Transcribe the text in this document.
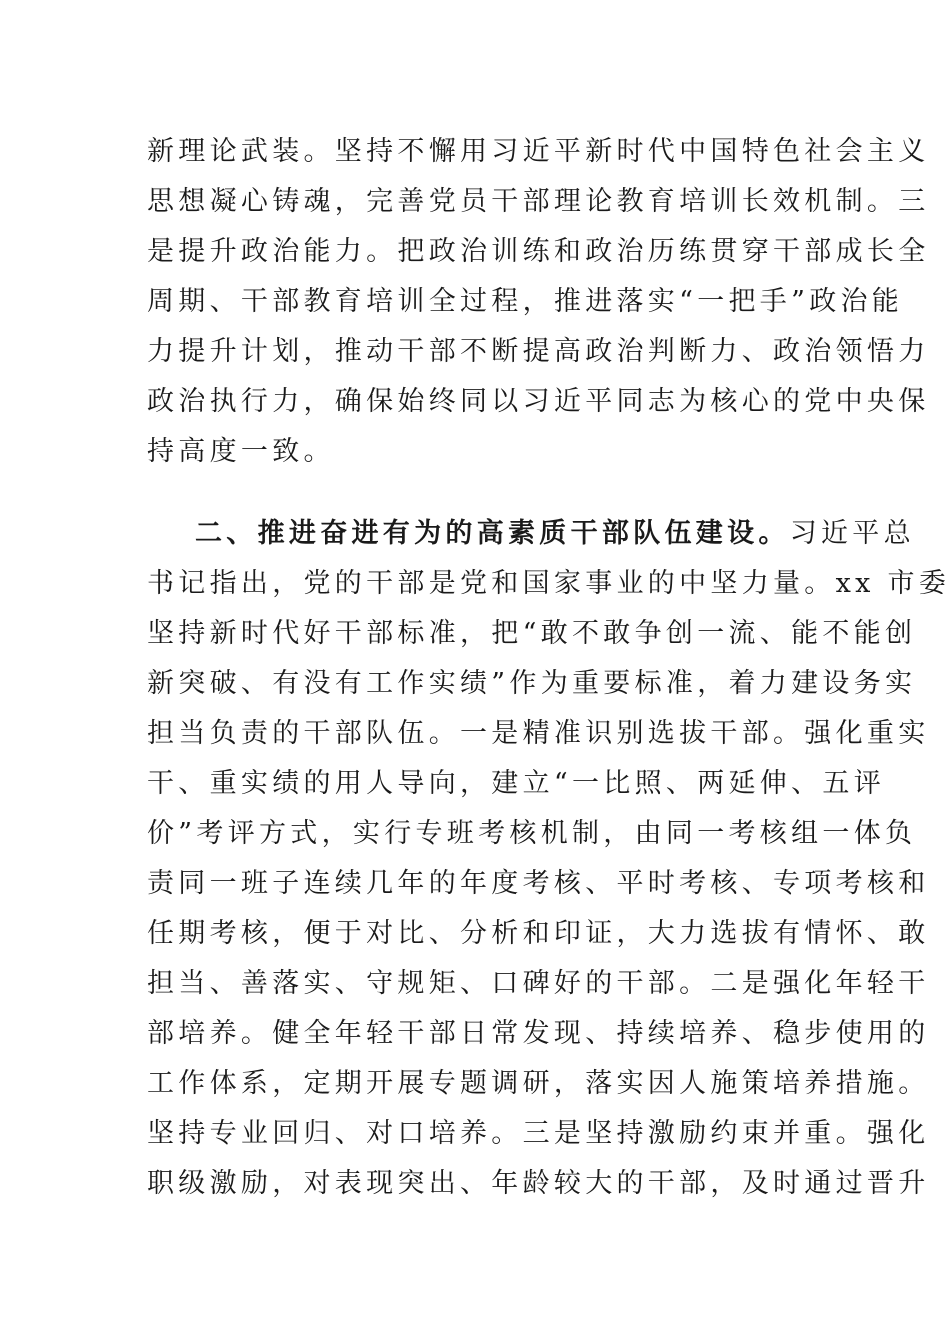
新理论武装。坚持不懈用习近平新时代中国特色社会主义
思想凝心铸魂，完善党员干部理论教育培训长效机制。三
是提升政治能力。把政治训练和政治历练贯穿干部成长全
周期、干部教育培训全过程，推进落实“一把手”政治能
力提升计划，推动干部不断提高政治判断力、政治领悟力
政治执行力，确保始终同以习近平同志为核心的党中央保
持高度一致。
二、推进奋进有为的高素质干部队伍建设。习近平总
书记指出，党的干部是党和国家事业的中坚力量。xx 市委
坚持新时代好干部标准，把“敢不敢争创一流、能不能创
新突破、有没有工作实绩”作为重要标准，着力建设务实
担当负责的干部队伍。一是精准识别选拔干部。强化重实
干、重实绩的用人导向，建立“一比照、两延伸、五评
价”考评方式，实行专班考核机制，由同一考核组一体负
责同一班子连续几年的年度考核、平时考核、专项考核和
任期考核，便于对比、分析和印证，大力选拔有情怀、敢
担当、善落实、守规矩、口碑好的干部。二是强化年轻干
部培养。健全年轻干部日常发现、持续培养、稳步使用的
工作体系，定期开展专题调研，落实因人施策培养措施。
坚持专业回归、对口培养。三是坚持激励约束并重。强化
职级激励，对表现突出、年龄较大的干部，及时通过晋升
